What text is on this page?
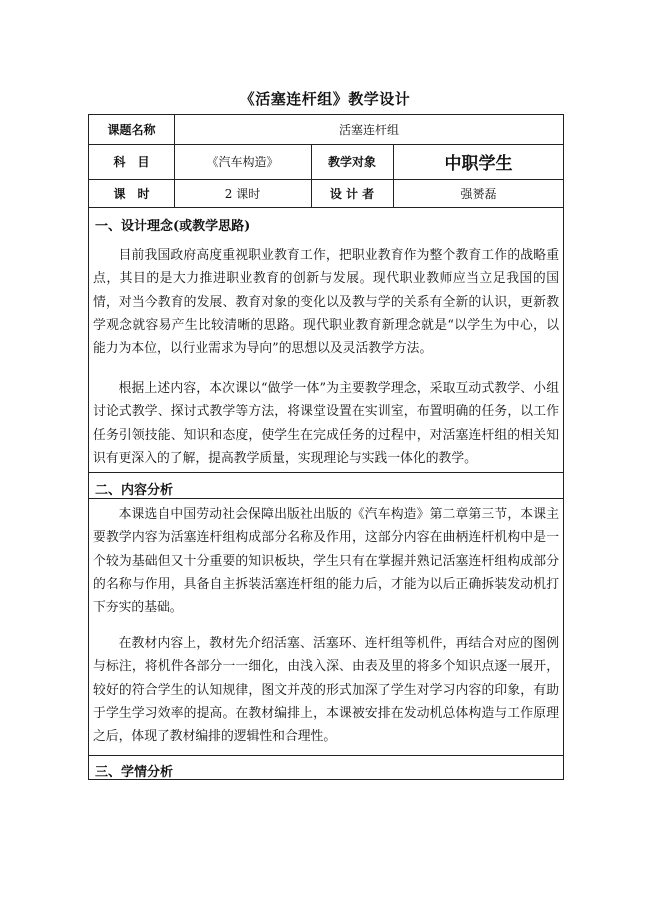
《活塞连杆组》教学设计
课题名称	活塞连杆组
科　目	《汽车构造》	教学对象	中职学生
课　时	2 课时	设 计 者	强赟磊
一、设计理念(或教学思路)

目前我国政府高度重视职业教育工作，把职业教育作为整个教育工作的战略重点，其目的是大力推进职业教育的创新与发展。现代职业教师应当立足我国的国情，对当今教育的发展、教育对象的变化以及教与学的关系有全新的认识，更新教学观念就容易产生比较清晰的思路。现代职业教育新理念就是“以学生为中心，以能力为本位，以行业需求为导向”的思想以及灵活教学方法。

根据上述内容，本次课以“做学一体”为主要教学理念，采取互动式教学、小组讨论式教学、探讨式教学等方法，将课堂设置在实训室，布置明确的任务，以工作任务引领技能、知识和态度，使学生在完成任务的过程中，对活塞连杆组的相关知识有更深入的了解，提高教学质量，实现理论与实践一体化的教学。

二、内容分析

本课选自中国劳动社会保障出版社出版的《汽车构造》第二章第三节，本课主要教学内容为活塞连杆组构成部分名称及作用，这部分内容在曲柄连杆机构中是一个较为基础但又十分重要的知识板块，学生只有在掌握并熟记活塞连杆组构成部分的名称与作用，具备自主拆装活塞连杆组的能力后，才能为以后正确拆装发动机打下夯实的基础。

在教材内容上，教材先介绍活塞、活塞环、连杆组等机件，再结合对应的图例与标注，将机件各部分一一细化，由浅入深、由表及里的将多个知识点逐一展开，较好的符合学生的认知规律，图文并茂的形式加深了学生对学习内容的印象，有助于学生学习效率的提高。在教材编排上，本课被安排在发动机总体构造与工作原理之后，体现了教材编排的逻辑性和合理性。

三、学情分析
